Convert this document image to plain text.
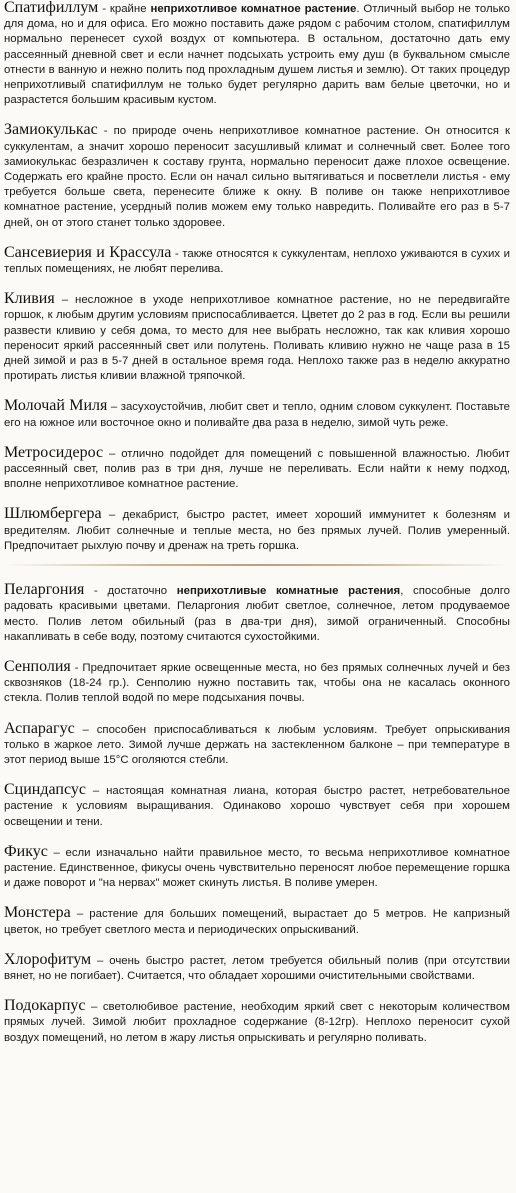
Спатифиллум - крайне неприхотливое комнатное растение. Отличный выбор не только для дома, но и для офиса. Его можно поставить даже рядом с рабочим столом, спатифиллум нормально перенесет сухой воздух от компьютера. В остальном, достаточно дать ему рассеянный дневной свет и если начнет подсыхать устроить ему душ (в буквальном смысле отнести в ванную и нежно полить под прохладным душем листья и землю). От таких процедур неприхотливый спатифиллум не только будет регулярно дарить вам белые цветочки, но и разрастется большим красивым кустом.

Замиокулькас - по природе очень неприхотливое комнатное растение. Он относится к суккулентам, а значит хорошо переносит засушливый климат и солнечный свет. Более того замиокулькас безразличен к составу грунта, нормально переносит даже плохое освещение. Содержать его крайне просто. Если он начал сильно вытягиваться и посветлели листья - ему требуется больше света, перенесите ближе к окну. В поливе он также неприхотливое комнатное растение, усердный полив можем ему только навредить. Поливайте его раз в 5-7 дней, он от этого станет только здоровее.

Сансевиерия и Крассула - также относятся к суккулентам, неплохо уживаются в сухих и теплых помещениях, не любят перелива.

Кливия – несложное в уходе неприхотливое комнатное растение, но не передвигайте горшок, к любым другим условиям приспосабливается. Цветет до 2 раз в год. Если вы решили развести кливию у себя дома, то место для нее выбрать несложно, так как кливия хорошо переносит яркий рассеянный свет или полутень. Поливать кливию нужно не чаще раза в 15 дней зимой и раз в 5-7 дней в остальное время года. Неплохо также раз в неделю аккуратно протирать листья кливии влажной тряпочкой.

Молочай Миля – засухоустойчив, любит свет и тепло, одним словом суккулент. Поставьте его на южное или восточное окно и поливайте два раза в неделю, зимой чуть реже.

Метросидерос – отлично подойдет для помещений с повышенной влажностью. Любит рассеянный свет, полив раз в три дня, лучше не переливать. Если найти к нему подход, вполне неприхотливое комнатное растение.

Шлюмбергера – декабрист, быстро растет, имеет хороший иммунитет к болезням и вредителям. Любит солнечные и теплые места, но без прямых лучей. Полив умеренный. Предпочитает рыхлую почву и дренаж на треть горшка.

Пеларгония - достаточно неприхотливые комнатные растения, способные долго радовать красивыми цветами. Пеларгония любит светлое, солнечное, летом продуваемое место. Полив летом обильный (раз в два-три дня), зимой ограниченный. Способны накапливать в себе воду, поэтому считаются сухостойкими.

Сенполия - Предпочитает яркие освещенные места, но без прямых солнечных лучей и без сквозняков (18-24 гр.). Сенполию нужно поставить так, чтобы она не касалась оконного стекла. Полив теплой водой по мере подсыхания почвы.

Аспарагус – способен приспосабливаться к любым условиям. Требует опрыскивания только в жаркое лето. Зимой лучше держать на застекленном балконе – при температуре в этот период выше 15°C оголяются стебли.

Сциндапсус – настоящая комнатная лиана, которая быстро растет, нетребовательное растение к условиям выращивания. Одинаково хорошо чувствует себя при хорошем освещении и тени.

Фикус – если изначально найти правильное место, то весьма неприхотливое комнатное растение. Единственное, фикусы очень чувствительно переносят любое перемещение горшка и даже поворот и "на нервах" может скинуть листья. В поливе умерен.

Монстера – растение для больших помещений, вырастает до 5 метров. Не капризный цветок, но требует светлого места и периодических опрыскиваний.

Хлорофитум – очень быстро растет, летом требуется обильный полив (при отсутствии вянет, но не погибает). Считается, что обладает хорошими очистительными свойствами.

Подокарпус – светолюбивое растение, необходим яркий свет с некоторым количеством прямых лучей. Зимой любит прохладное содержание (8-12гр). Неплохо переносит сухой воздух помещений, но летом в жару листья опрыскивать и регулярно поливать.
